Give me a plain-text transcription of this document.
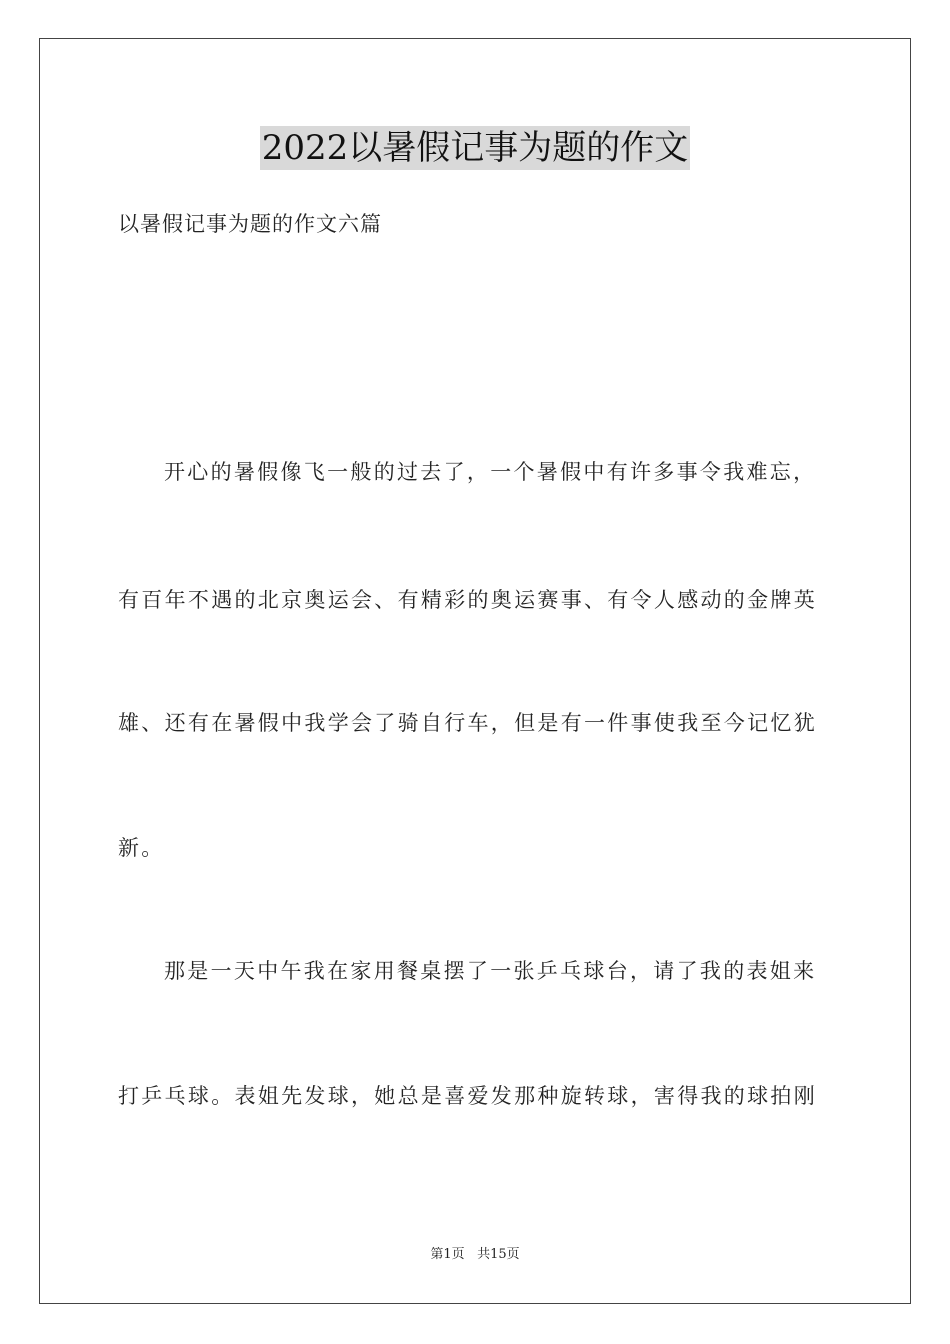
2022以暑假记事为题的作文
以暑假记事为题的作文六篇
开心的暑假像飞一般的过去了，一个暑假中有许多事令我难忘，
有百年不遇的北京奥运会、有精彩的奥运赛事、有令人感动的金牌英
雄、还有在暑假中我学会了骑自行车，但是有一件事使我至今记忆犹
新。
那是一天中午我在家用餐桌摆了一张乒乓球台，请了我的表姐来
打乒乓球。表姐先发球，她总是喜爱发那种旋转球，害得我的球拍刚
第1页 共15页
